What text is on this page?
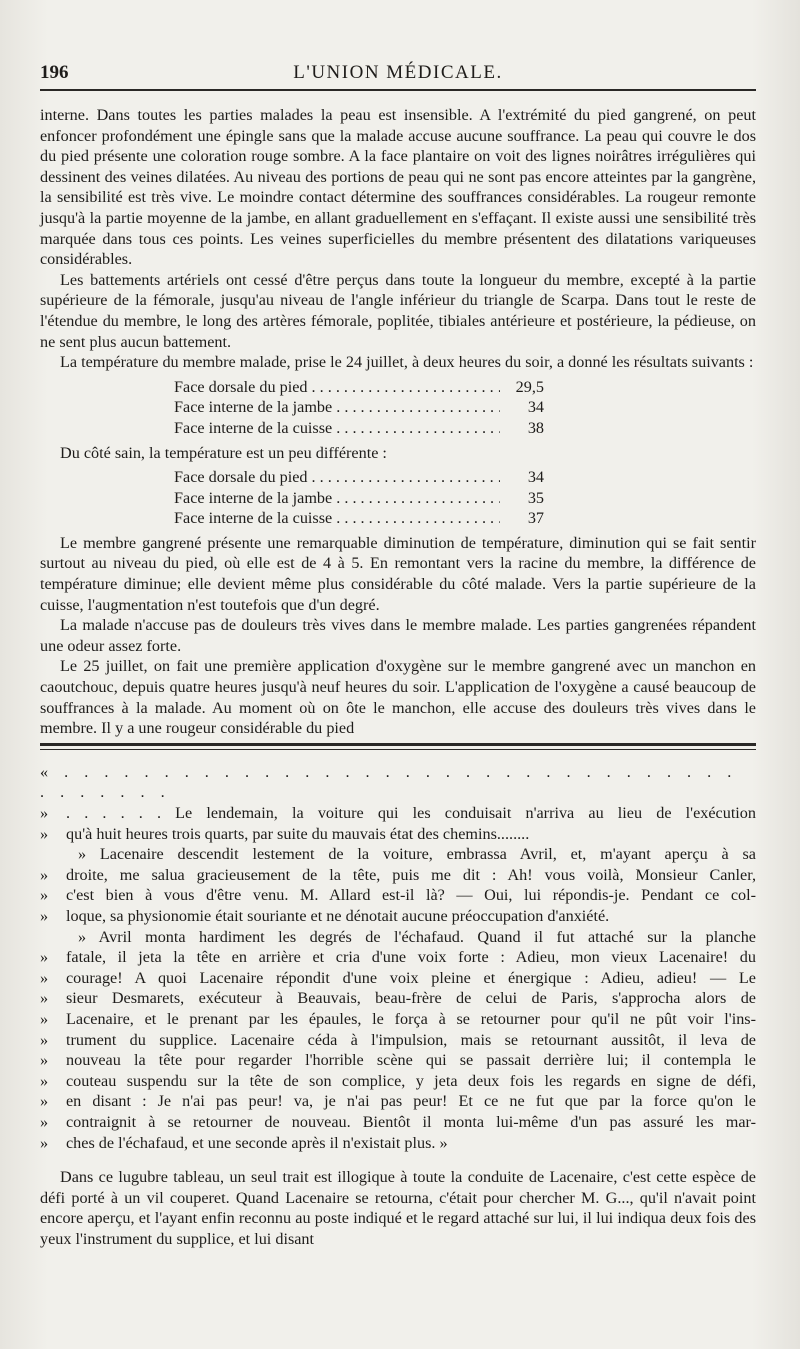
196	L'UNION MÉDICALE.

interne. Dans toutes les parties malades la peau est insensible. A l'extrémité du pied gangrené, on peut enfoncer profondément une épingle sans que la malade accuse aucune souffrance. La peau qui couvre le dos du pied présente une coloration rouge sombre. A la face plantaire on voit des lignes noirâtres irrégulières qui dessinent des veines dilatées. Au niveau des portions de peau qui ne sont pas encore atteintes par la gangrène, la sensibilité est très vive. Le moindre contact détermine des souffrances considérables. La rougeur remonte jusqu'à la partie moyenne de la jambe, en allant graduellement en s'effaçant. Il existe aussi une sensibilité très marquée dans tous ces points. Les veines superficielles du membre présentent des dilatations variqueuses considérables.

Les battements artériels ont cessé d'être perçus dans toute la longueur du membre, excepté à la partie supérieure de la fémorale, jusqu'au niveau de l'angle inférieur du triangle de Scarpa. Dans tout le reste de l'étendue du membre, le long des artères fémorale, poplitée, tibiales antérieure et postérieure, la pédieuse, on ne sent plus aucun battement.

La température du membre malade, prise le 24 juillet, à deux heures du soir, a donné les résultats suivants :

Face dorsale du pied . . .	29,5
Face interne de la jambe . . .	34
Face interne de la cuisse . . .	38

Du côté sain, la température est un peu différente :

Face dorsale du pied . . .	34
Face interne de la jambe . . .	35
Face interne de la cuisse . . .	37

Le membre gangrené présente une remarquable diminution de température, diminution qui se fait sentir surtout au niveau du pied, où elle est de 4 à 5. En remontant vers la racine du membre, la différence de température diminue; elle devient même plus considérable du côté malade. Vers la partie supérieure de la cuisse, l'augmentation n'est toutefois que d'un degré.

La malade n'accuse pas de douleurs très vives dans le membre malade. Les parties gangrenées répandent une odeur assez forte.

Le 25 juillet, on fait une première application d'oxygène sur le membre gangrené avec un manchon en caoutchouc, depuis quatre heures jusqu'à neuf heures du soir. L'application de l'oxygène a causé beaucoup de souffrances à la malade. Au moment où on ôte le manchon, elle accuse des douleurs très vives dans le membre. Il y a une rougeur considérable du pied

« . . . . . . . . . . . . . . . . . . . . . . . . . . . . . . . . . . . . . . . . .
»	. . . . . . Le lendemain, la voiture qui les conduisait n'arriva au lieu de l'exécution
»	qu'à huit heures trois quarts, par suite du mauvais état des chemins........
» Lacenaire descendit lestement de la voiture, embrassa Avril, et, m'ayant aperçu à sa
»	droite, me salua gracieusement de la tête, puis me dit : Ah! vous voilà, Monsieur Canler,
»	c'est bien à vous d'être venu. M. Allard est-il là? — Oui, lui répondis-je. Pendant ce col-
»	loque, sa physionomie était souriante et ne dénotait aucune préoccupation d'anxiété.
» Avril monta hardiment les degrés de l'échafaud. Quand il fut attaché sur la planche
»	fatale, il jeta la tête en arrière et cria d'une voix forte : Adieu, mon vieux Lacenaire! du
»	courage! A quoi Lacenaire répondit d'une voix pleine et énergique : Adieu, adieu! — Le
»	sieur Desmarets, exécuteur à Beauvais, beau-frère de celui de Paris, s'approcha alors de
»	Lacenaire, et le prenant par les épaules, le força à se retourner pour qu'il ne pût voir l'ins-
»	trument du supplice. Lacenaire céda à l'impulsion, mais se retournant aussitôt, il leva de
»	nouveau la tête pour regarder l'horrible scène qui se passait derrière lui; il contempla le
»	couteau suspendu sur la tête de son complice, y jeta deux fois les regards en signe de défi,
»	en disant : Je n'ai pas peur! va, je n'ai pas peur! Et ce ne fut que par la force qu'on le
»	contraignit à se retourner de nouveau. Bientôt il monta lui-même d'un pas assuré les mar-
»	ches de l'échafaud, et une seconde après il n'existait plus. »

Dans ce lugubre tableau, un seul trait est illogique à toute la conduite de Lacenaire, c'est cette espèce de défi porté à un vil couperet. Quand Lacenaire se retourna, c'était pour chercher M. G..., qu'il n'avait point encore aperçu, et l'ayant enfin reconnu au poste indiqué et le regard attaché sur lui, il lui indiqua deux fois des yeux l'instrument du supplice, et lui disant
